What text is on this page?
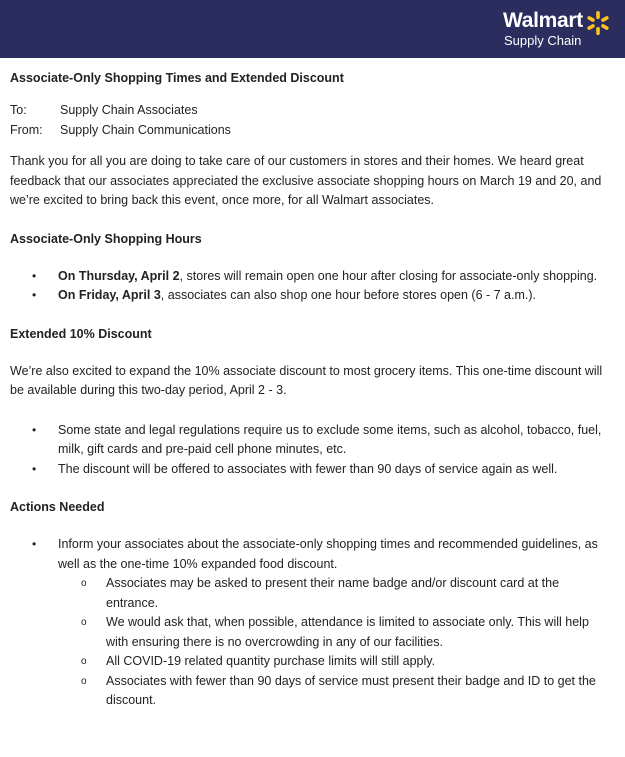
Walmart
Supply Chain
Associate-Only Shopping Times and Extended Discount
To:	Supply Chain Associates
From:	Supply Chain Communications

Thank you for all you are doing to take care of our customers in stores and their homes. We heard great feedback that our associates appreciated the exclusive associate shopping hours on March 19 and 20, and we’re excited to bring back this event, once more, for all Walmart associates.

Associate-Only Shopping Hours
• On Thursday, April 2, stores will remain open one hour after closing for associate-only shopping.
• On Friday, April 3, associates can also shop one hour before stores open (6 - 7 a.m.).
Extended 10% Discount

We’re also excited to expand the 10% associate discount to most grocery items. This one-time discount will be available during this two-day period, April 2 - 3.

• Some state and legal regulations require us to exclude some items, such as alcohol, tobacco, fuel, milk, gift cards and pre-paid cell phone minutes, etc.
• The discount will be offered to associates with fewer than 90 days of service again as well.
Actions Needed
• Inform your associates about the associate-only shopping times and recommended guidelines, as well as the one-time 10% expanded food discount.
o Associates may be asked to present their name badge and/or discount card at the entrance.
o We would ask that, when possible, attendance is limited to associate only. This will help with ensuring there is no overcrowding in any of our facilities.
o All COVID-19 related quantity purchase limits will still apply.
o Associates with fewer than 90 days of service must present their badge and ID to get the discount.
